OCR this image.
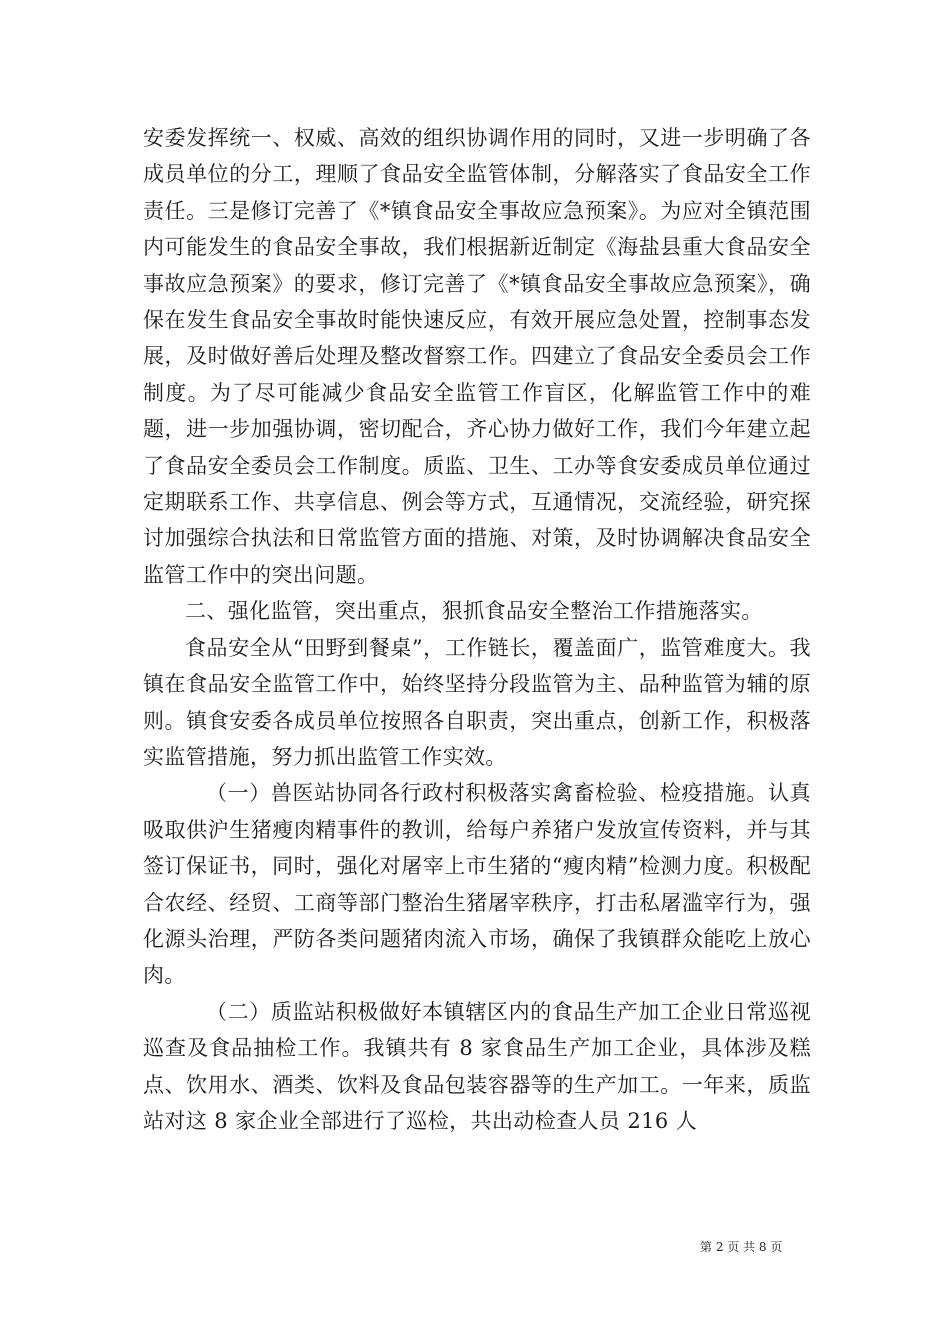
安委发挥统一、权威、高效的组织协调作用的同时，又进一步明确了各成员单位的分工，理顺了食品安全监管体制，分解落实了食品安全工作责任。三是修订完善了《*镇食品安全事故应急预案》。为应对全镇范围内可能发生的食品安全事故，我们根据新近制定《海盐县重大食品安全事故应急预案》的要求，修订完善了《*镇食品安全事故应急预案》，确保在发生食品安全事故时能快速反应，有效开展应急处置，控制事态发展，及时做好善后处理及整改督察工作。四建立了食品安全委员会工作制度。为了尽可能减少食品安全监管工作盲区，化解监管工作中的难题，进一步加强协调，密切配合，齐心协力做好工作，我们今年建立起了食品安全委员会工作制度。质监、卫生、工办等食安委成员单位通过定期联系工作、共享信息、例会等方式，互通情况，交流经验，研究探讨加强综合执法和日常监管方面的措施、对策，及时协调解决食品安全监管工作中的突出问题。

二、强化监管，突出重点，狠抓食品安全整治工作措施落实。

食品安全从“田野到餐桌”，工作链长，覆盖面广，监管难度大。我镇在食品安全监管工作中，始终坚持分段监管为主、品种监管为辅的原则。镇食安委各成员单位按照各自职责，突出重点，创新工作，积极落实监管措施，努力抓出监管工作实效。

（一）兽医站协同各行政村积极落实禽畜检验、检疫措施。认真吸取供沪生猪瘦肉精事件的教训，给每户养猪户发放宣传资料，并与其签订保证书，同时，强化对屠宰上市生猪的“瘦肉精”检测力度。积极配合农经、经贸、工商等部门整治生猪屠宰秩序，打击私屠滥宰行为，强化源头治理，严防各类问题猪肉流入市场，确保了我镇群众能吃上放心肉。

（二）质监站积极做好本镇辖区内的食品生产加工企业日常巡视巡查及食品抽检工作。我镇共有 8 家食品生产加工企业，具体涉及糕点、饮用水、酒类、饮料及食品包装容器等的生产加工。一年来，质监站对这 8 家企业全部进行了巡检，共出动检查人员 216 人

第 2 页 共 8 页
